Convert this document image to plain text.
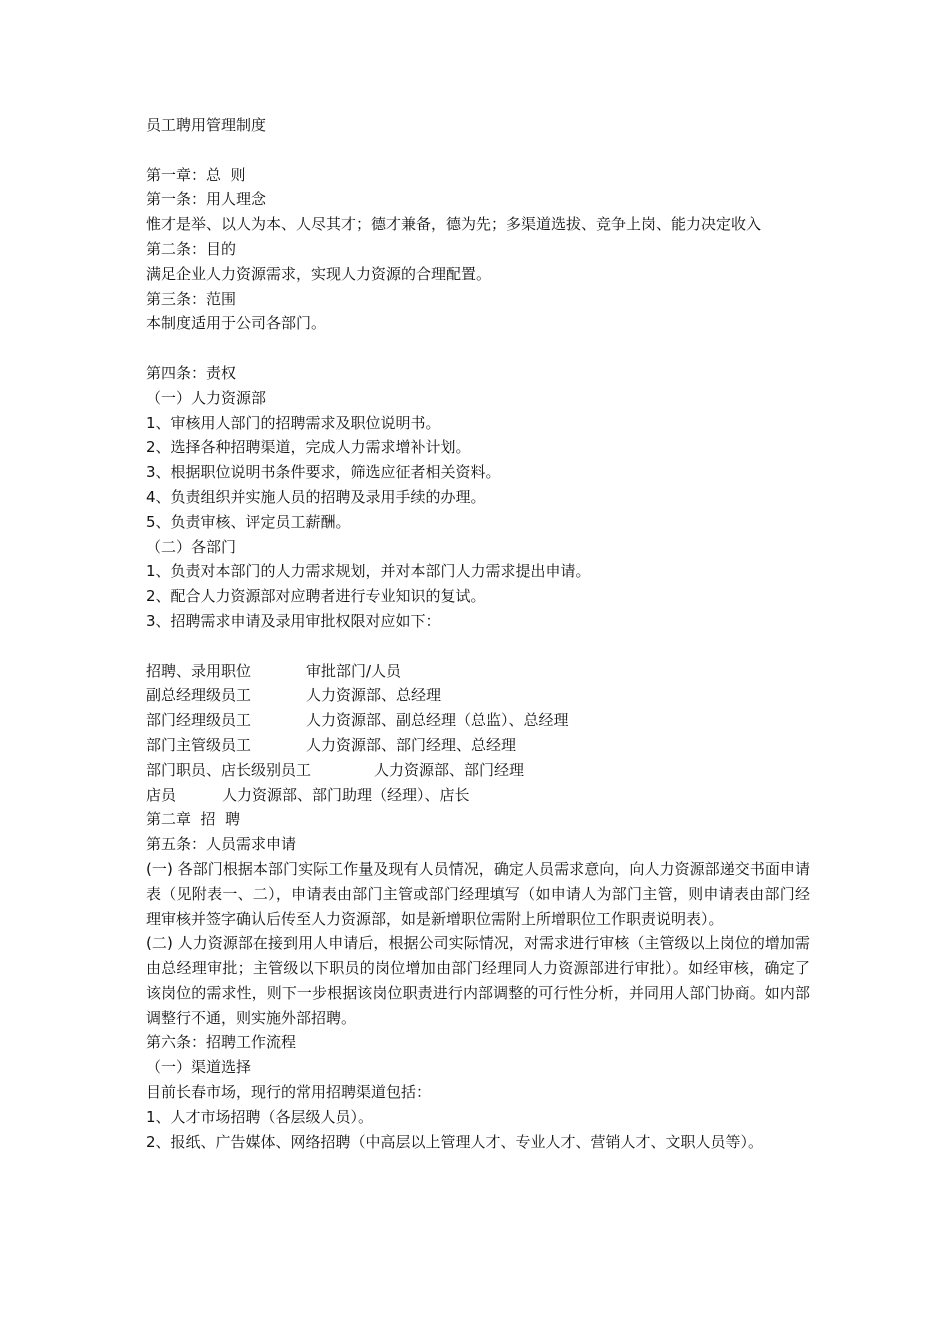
员工聘用管理制度
第一章：总  则
第一条：用人理念
惟才是举、以人为本、人尽其才；德才兼备，德为先；多渠道选拔、竞争上岗、能力决定收入
第二条：目的
满足企业人力资源需求，实现人力资源的合理配置。
第三条：范围
本制度适用于公司各部门。
第四条：责权
（一）人力资源部
1、审核用人部门的招聘需求及职位说明书。
2、选择各种招聘渠道，完成人力需求增补计划。
3、根据职位说明书条件要求，筛选应征者相关资料。
4、负责组织并实施人员的招聘及录用手续的办理。
5、负责审核、评定员工薪酬。
（二）各部门
1、负责对本部门的人力需求规划，并对本部门人力需求提出申请。
2、配合人力资源部对应聘者进行专业知识的复试。
3、招聘需求申请及录用审批权限对应如下：
招聘、录用职位	审批部门/人员
副总经理级员工	人力资源部、总经理
部门经理级员工	人力资源部、副总经理（总监）、总经理
部门主管级员工	人力资源部、部门经理、总经理
部门职员、店长级别员工	人力资源部、部门经理
店员	人力资源部、部门助理（经理）、店长
第二章  招  聘
第五条：人员需求申请
(一) 各部门根据本部门实际工作量及现有人员情况，确定人员需求意向，向人力资源部递交书面申请表（见附表一、二），申请表由部门主管或部门经理填写（如申请人为部门主管，则申请表由部门经理审核并签字确认后传至人力资源部，如是新增职位需附上所增职位工作职责说明表）。
(二) 人力资源部在接到用人申请后，根据公司实际情况，对需求进行审核（主管级以上岗位的增加需由总经理审批；主管级以下职员的岗位增加由部门经理同人力资源部进行审批）。如经审核，确定了该岗位的需求性，则下一步根据该岗位职责进行内部调整的可行性分析，并同用人部门协商。如内部调整行不通，则实施外部招聘。
第六条：招聘工作流程
（一）渠道选择
目前长春市场，现行的常用招聘渠道包括：
1、人才市场招聘（各层级人员）。
2、报纸、广告媒体、网络招聘（中高层以上管理人才、专业人才、营销人才、文职人员等）。
